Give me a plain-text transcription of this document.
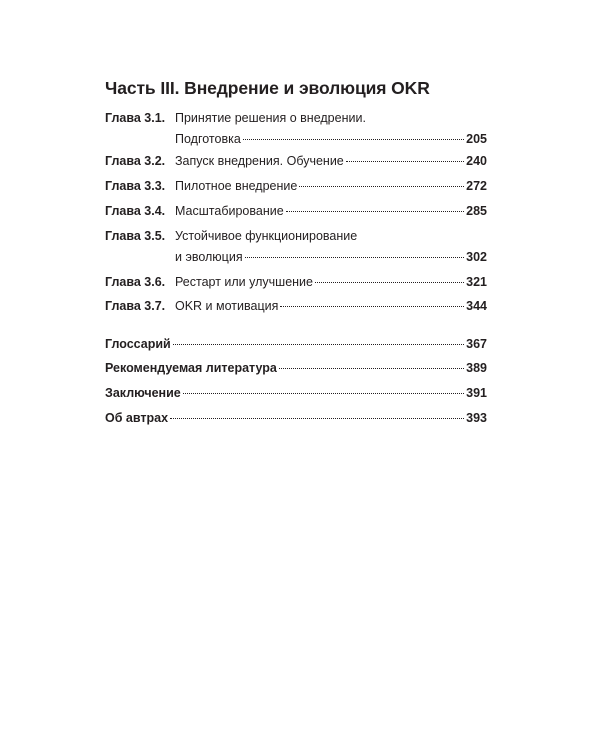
Часть III. Внедрение и эволюция OKR
Глава 3.1. Принятие решения о внедрении.
Подготовка	205
Глава 3.2. Запуск внедрения. Обучение	240
Глава 3.3. Пилотное внедрение	272
Глава 3.4. Масштабирование	285
Глава 3.5. Устойчивое функционирование
и эволюция	302
Глава 3.6. Рестарт или улучшение	321
Глава 3.7. OKR и мотивация	344
Глоссарий	367
Рекомендуемая литература	389
Заключение	391
Об автрах	393
